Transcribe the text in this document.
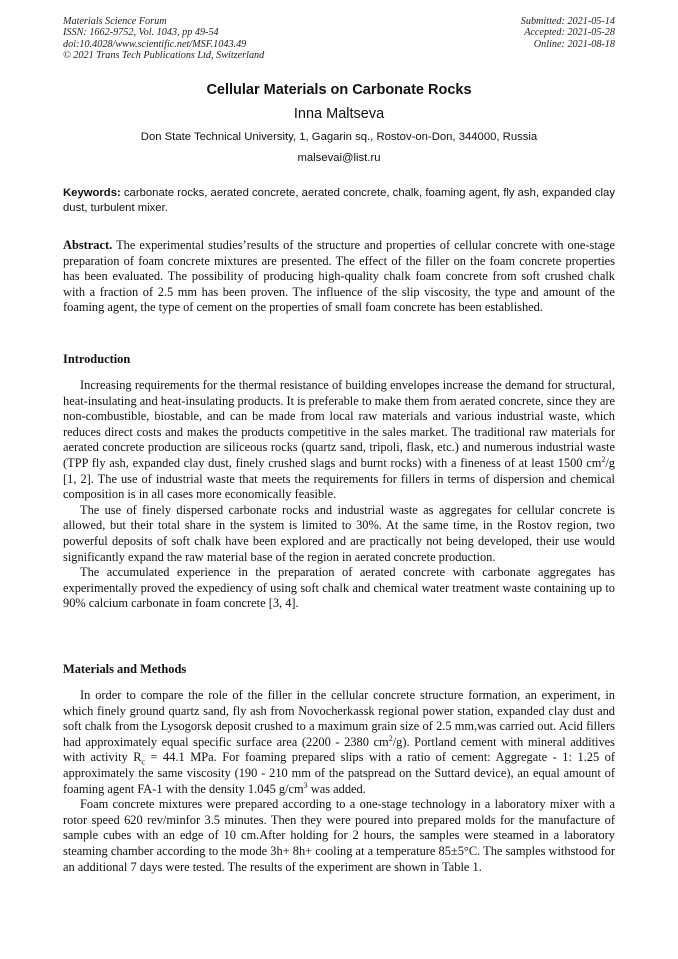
Materials Science Forum
ISSN: 1662-9752, Vol. 1043, pp 49-54
doi:10.4028/www.scientific.net/MSF.1043.49
© 2021 Trans Tech Publications Ltd, Switzerland
Submitted: 2021-05-14
Accepted: 2021-05-28
Online: 2021-08-18
Cellular Materials on Carbonate Rocks
Inna Maltseva
Don State Technical University, 1, Gagarin sq., Rostov-on-Don, 344000, Russia
malsevai@list.ru
Keywords: carbonate rocks, aerated concrete, aerated concrete, chalk, foaming agent, fly ash, expanded clay dust, turbulent mixer.
Abstract. The experimental studies’results of the structure and properties of cellular concrete with one-stage preparation of foam concrete mixtures are presented. The effect of the filler on the foam concrete properties has been evaluated. The possibility of producing high-quality chalk foam concrete from soft crushed chalk with a fraction of 2.5 mm has been proven. The influence of the slip viscosity, the type and amount of the foaming agent, the type of cement on the properties of small foam concrete has been established.
Introduction

Increasing requirements for the thermal resistance of building envelopes increase the demand for structural, heat-insulating and heat-insulating products. It is preferable to make them from aerated concrete, since they are non-combustible, biostable, and can be made from local raw materials and various industrial waste, which reduces direct costs and makes the products competitive in the sales market. The traditional raw materials for aerated concrete production are siliceous rocks (quartz sand, tripoli, flask, etc.) and numerous industrial waste (TPP fly ash, expanded clay dust, finely crushed slags and burnt rocks) with a fineness of at least 1500 $cm^2/g$ [1, 2]. The use of industrial waste that meets the requirements for fillers in terms of dispersion and chemical composition is in all cases more economically feasible.

The use of finely dispersed carbonate rocks and industrial waste as aggregates for cellular concrete is allowed, but their total share in the system is limited to 30%. At the same time, in the Rostov region, two powerful deposits of soft chalk have been explored and are practically not being developed, their use would significantly expand the raw material base of the region in aerated concrete production.

The accumulated experience in the preparation of aerated concrete with carbonate aggregates has experimentally proved the expediency of using soft chalk and chemical water treatment waste containing up to 90% calcium carbonate in foam concrete [3, 4].

Materials and Methods

In order to compare the role of the filler in the cellular concrete structure formation, an experiment, in which finely ground quartz sand, fly ash from Novocherkassk regional power station, expanded clay dust and soft chalk from the Lysogorsk deposit crushed to a maximum grain size of 2.5 mm,was carried out. Acid fillers had approximately equal specific surface area (2200 - 2380 $cm^2/g$). Portland cement with mineral additives with activity $R_c = 44.1$ MPa. For foaming prepared slips with a ratio of cement: Aggregate - 1: 1.25 of approximately the same viscosity (190 - 210 mm of the patspread on the Suttard device), an equal amount of foaming agent FA-1 with the density 1.045 $g/cm^3$ was added.

Foam concrete mixtures were prepared according to a one-stage technology in a laboratory mixer with a rotor speed 620 rev/minfor 3.5 minutes. Then they were poured into prepared molds for the manufacture of sample cubes with an edge of 10 cm.After holding for 2 hours, the samples were steamed in a laboratory steaming chamber according to the mode 3h+ 8h+ cooling at a temperature 85±5°C. The samples withstood for an additional 7 days were tested. The results of the experiment are shown in Table 1.
